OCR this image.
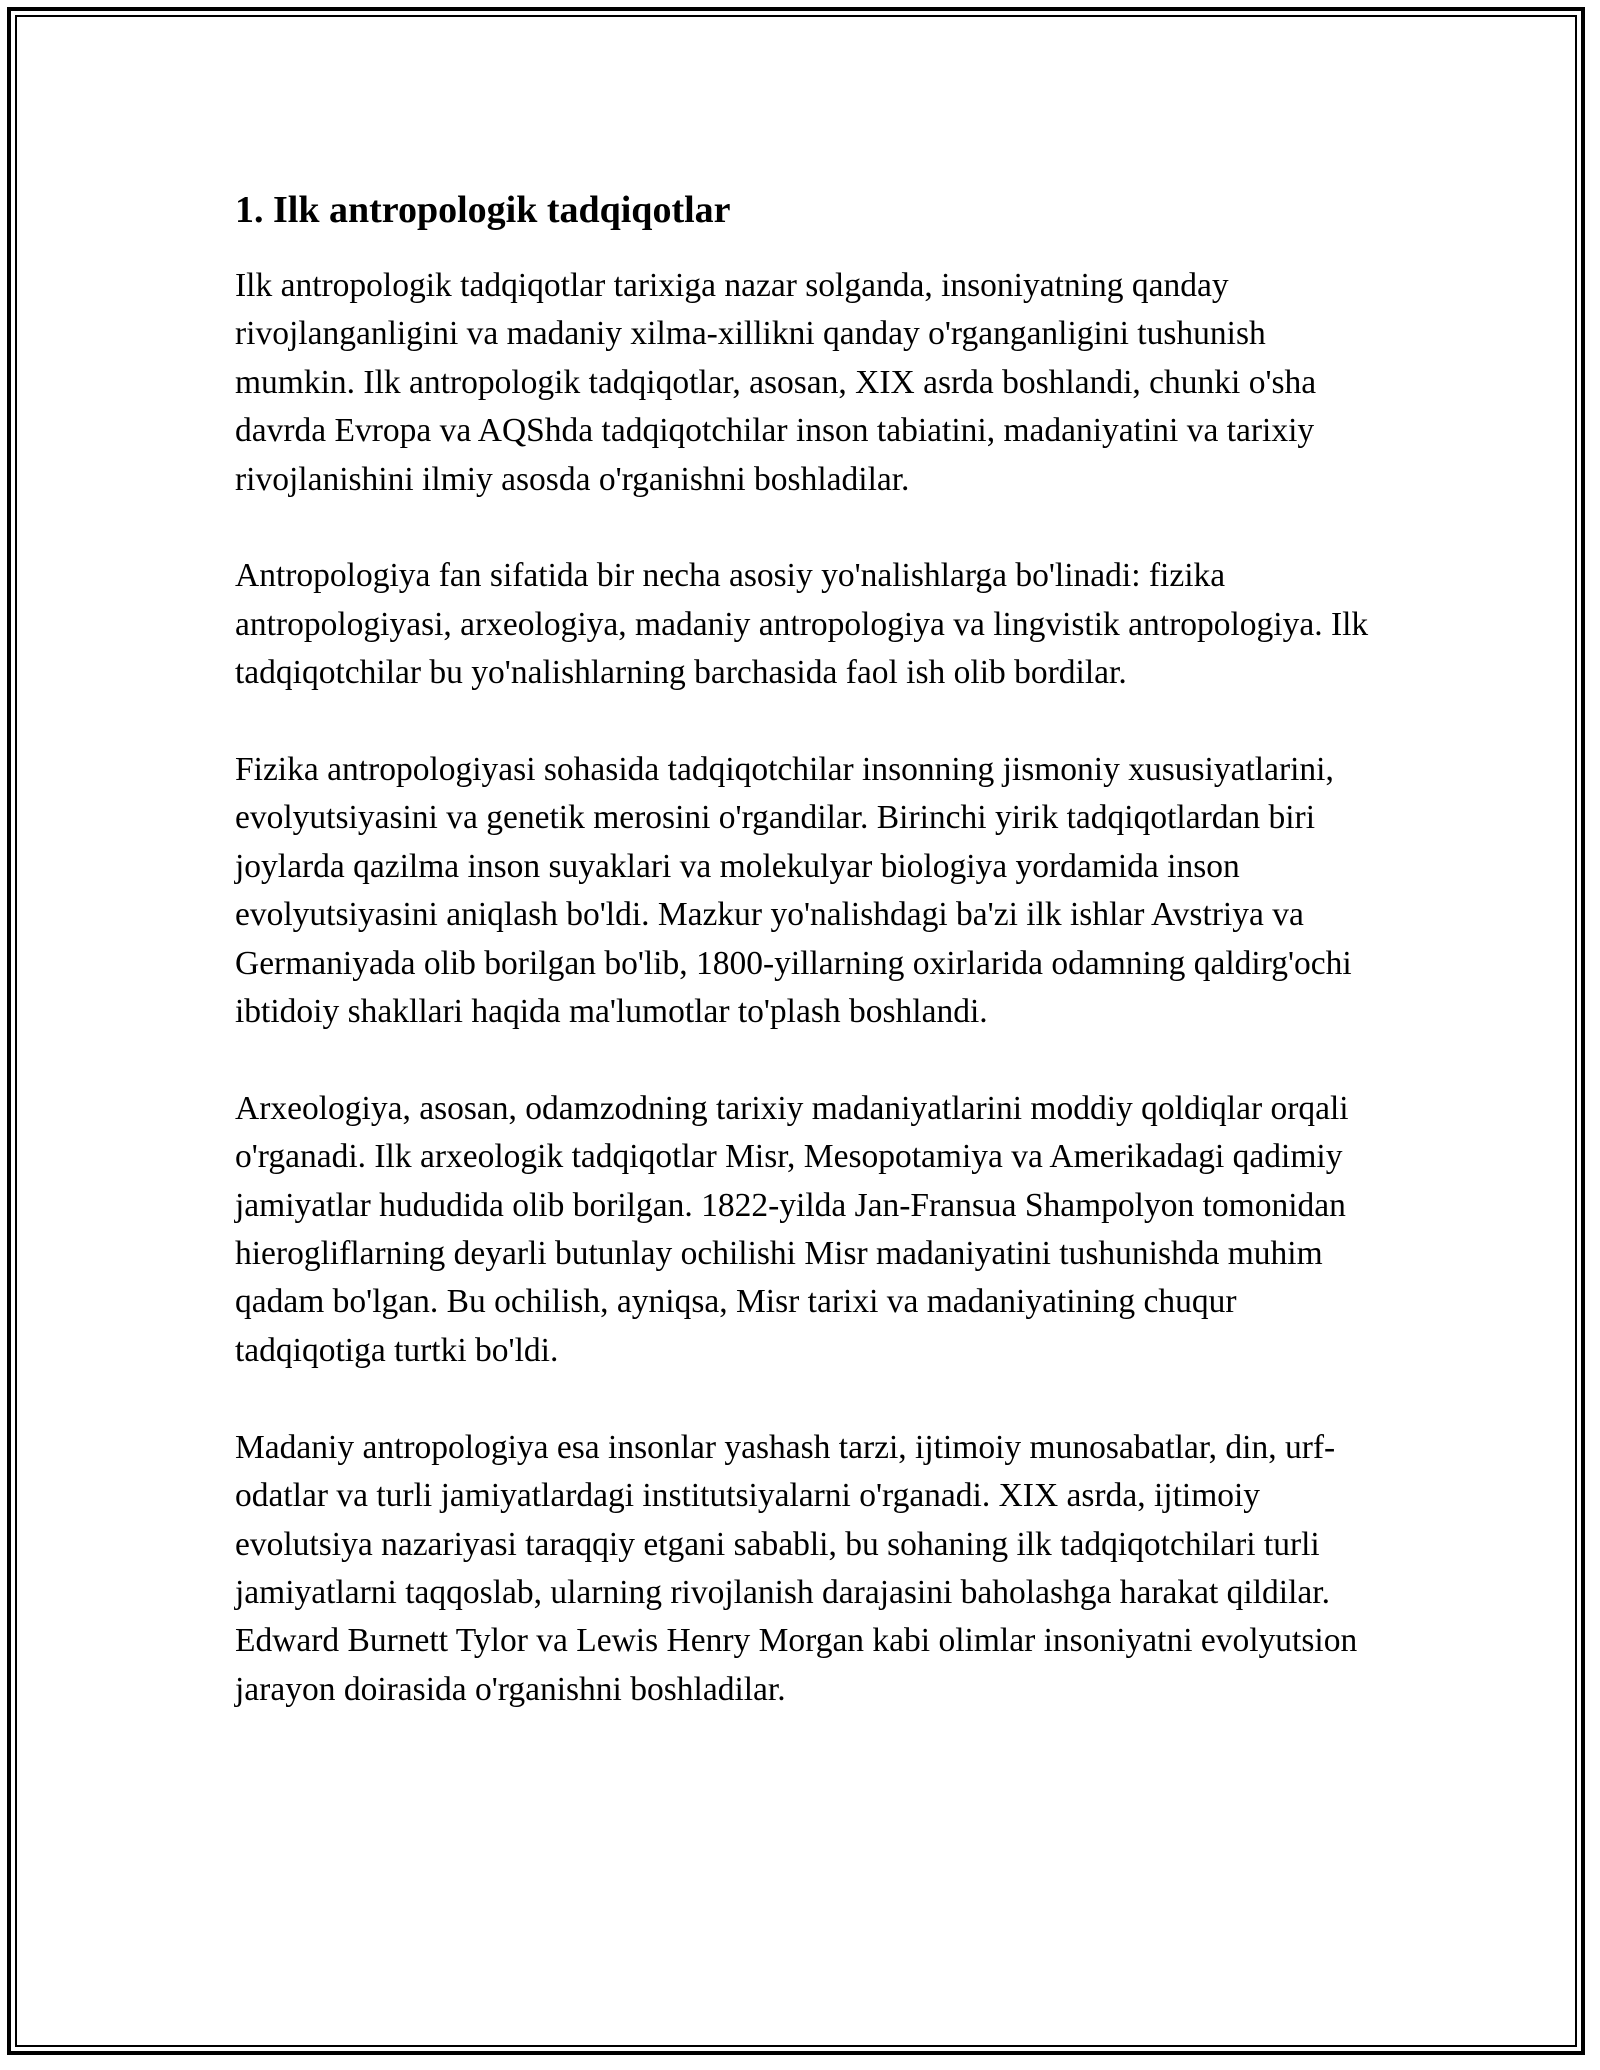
1. Ilk antropologik tadqiqotlar

Ilk antropologik tadqiqotlar tarixiga nazar solganda, insoniyatning qanday rivojlanganligini va madaniy xilma-xillikni qanday o'rganganligini tushunish mumkin. Ilk antropologik tadqiqotlar, asosan, XIX asrda boshlandi, chunki o'sha davrda Evropa va AQShda tadqiqotchilar inson tabiatini, madaniyatini va tarixiy rivojlanishini ilmiy asosda o'rganishni boshladilar.

Antropologiya fan sifatida bir necha asosiy yo'nalishlarga bo'linadi: fizika antropologiyasi, arxeologiya, madaniy antropologiya va lingvistik antropologiya. Ilk tadqiqotchilar bu yo'nalishlarning barchasida faol ish olib bordilar.

Fizika antropologiyasi sohasida tadqiqotchilar insonning jismoniy xususiyatlarini, evolyutsiyasini va genetik merosini o'rgandilar. Birinchi yirik tadqiqotlardan biri joylarda qazilma inson suyaklari va molekulyar biologiya yordamida inson evolyutsiyasini aniqlash bo'ldi. Mazkur yo'nalishdagi ba'zi ilk ishlar Avstriya va Germaniyada olib borilgan bo'lib, 1800-yillarning oxirlarida odamning qaldirg'ochi ibtidoiy shakllari haqida ma'lumotlar to'plash boshlandi.

Arxeologiya, asosan, odamzodning tarixiy madaniyatlarini moddiy qoldiqlar orqali o'rganadi. Ilk arxeologik tadqiqotlar Misr, Mesopotamiya va Amerikadagi qadimiy jamiyatlar hududida olib borilgan. 1822-yilda Jan-Fransua Shampolyon tomonidan hierogliflarning deyarli butunlay ochilishi Misr madaniyatini tushunishda muhim qadam bo'lgan. Bu ochilish, ayniqsa, Misr tarixi va madaniyatining chuqur tadqiqotiga turtki bo'ldi.

Madaniy antropologiya esa insonlar yashash tarzi, ijtimoiy munosabatlar, din, urf-odatlar va turli jamiyatlardagi institutsiyalarni o'rganadi. XIX asrda, ijtimoiy evolutsiya nazariyasi taraqqiy etgani sababli, bu sohaning ilk tadqiqotchilari turli jamiyatlarni taqqoslab, ularning rivojlanish darajasini baholashga harakat qildilar. Edward Burnett Tylor va Lewis Henry Morgan kabi olimlar insoniyatni evolyutsion jarayon doirasida o'rganishni boshladilar.
